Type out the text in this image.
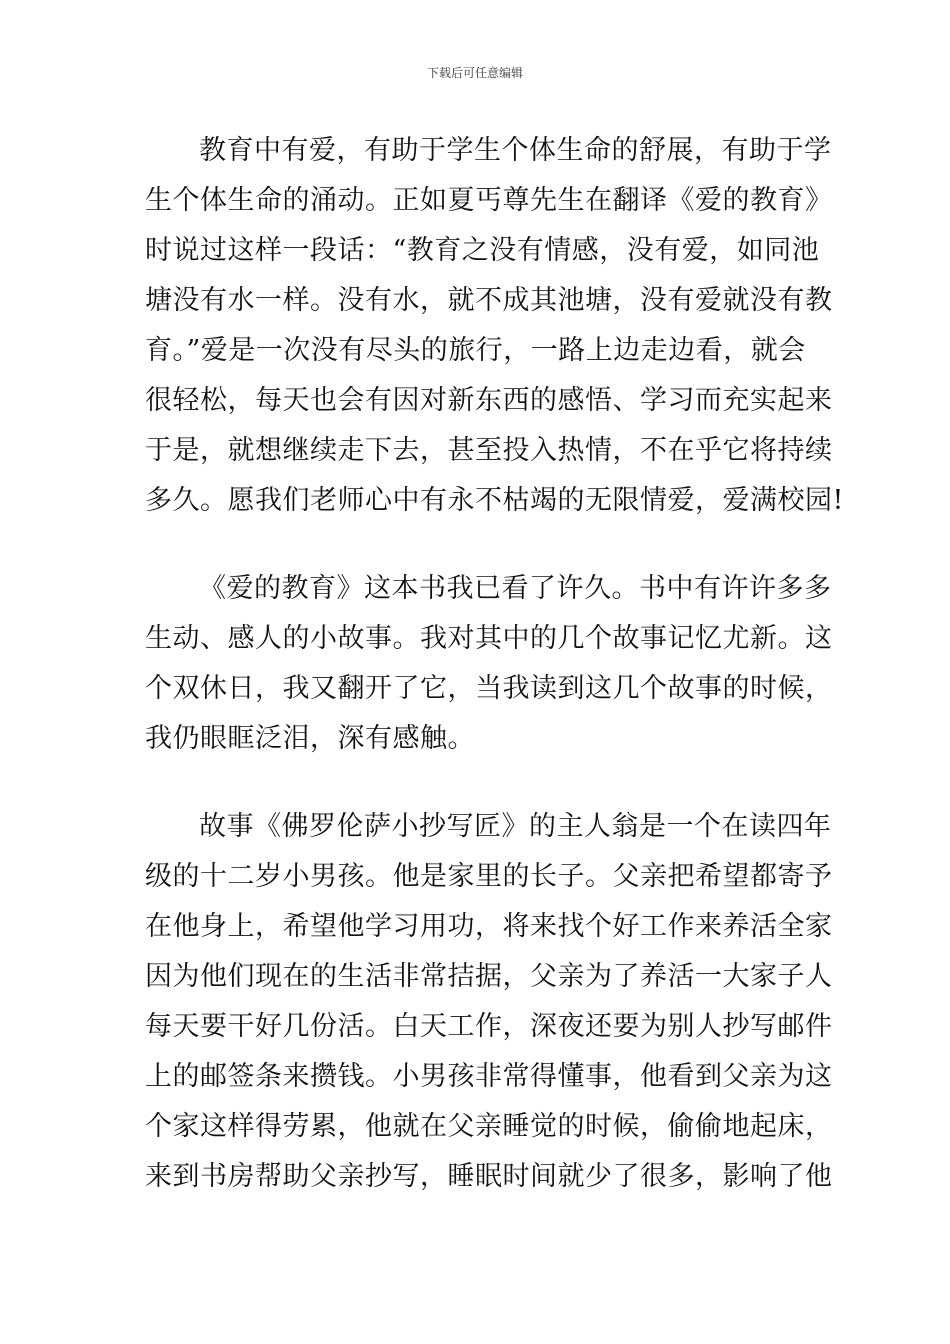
下载后可任意编辑
教育中有爱，有助于学生个体生命的舒展，有助于学
生个体生命的涌动。正如夏丐尊先生在翻译《爱的教育》
时说过这样一段话：“教育之没有情感，没有爱，如同池
塘没有水一样。没有水，就不成其池塘，没有爱就没有教
育。”爱是一次没有尽头的旅行，一路上边走边看，就会
很轻松，每天也会有因对新东西的感悟、学习而充实起来
于是，就想继续走下去，甚至投入热情，不在乎它将持续
多久。愿我们老师心中有永不枯竭的无限情爱，爱满校园!
《爱的教育》这本书我已看了许久。书中有许许多多
生动、感人的小故事。我对其中的几个故事记忆尤新。这
个双休日，我又翻开了它，当我读到这几个故事的时候，
我仍眼眶泛泪，深有感触。
故事《佛罗伦萨小抄写匠》的主人翁是一个在读四年
级的十二岁小男孩。他是家里的长子。父亲把希望都寄予
在他身上，希望他学习用功，将来找个好工作来养活全家
因为他们现在的生活非常拮据，父亲为了养活一大家子人
每天要干好几份活。白天工作，深夜还要为别人抄写邮件
上的邮签条来攒钱。小男孩非常得懂事，他看到父亲为这
个家这样得劳累，他就在父亲睡觉的时候，偷偷地起床，
来到书房帮助父亲抄写，睡眠时间就少了很多，影响了他
